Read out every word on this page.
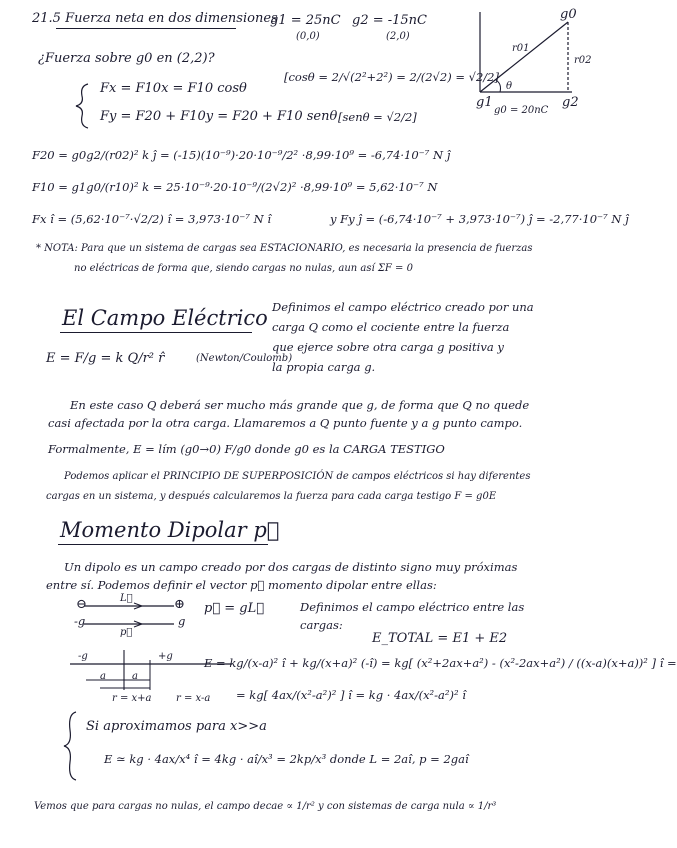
21.5 Fuerza neta en dos dimensiones
g1 = 25nC
(0,0)
g2 = -15nC
(2,0)
¿Fuerza sobre g0 en (2,2)?
g0
r01
r02
θ
g1	g2
g0 = 20nC
Fx = F10x = F10 cosθ
Fy = F20 + F10y = F20 + F10 senθ
[cosθ = 2/√(2²+2²) = 2/(2√2) = √2/2]
[senθ = √2/2]
F20 = g0g2/(r02)² k ĵ = (-15)(10⁻⁹)·20·10⁻⁹/2² ·8,99·10⁹ = -6,74·10⁻⁷ N ĵ
F10 = g1g0/(r10)² k = 25·10⁻⁹·20·10⁻⁹/(2√2)² ·8,99·10⁹ = 5,62·10⁻⁷ N
Fx î = (5,62·10⁻⁷·√2/2) î = 3,973·10⁻⁷ N î	y Fy ĵ = (-6,74·10⁻⁷ + 3,973·10⁻⁷) ĵ = -2,77·10⁻⁷ N ĵ
* NOTA: Para que un sistema de cargas sea ESTACIONARIO, es necesaria la presencia de fuerzas
no eléctricas de forma que, siendo cargas no nulas, aun así ΣF = 0
El Campo Eléctrico Definimos el campo eléctrico creado por una
carga Q como el cociente entre la fuerza
que ejerce sobre otra carga g positiva y
la propia carga g.
E = F/g = k Q/r² r̂	(Newton/Coulomb)
En este caso Q deberá ser mucho más grande que g, de forma que Q no quede
casi afectada por la otra carga. Llamaremos a Q punto fuente y a g punto campo.
Formalmente, E = lím (g0→0) F/g0 donde g0 es la CARGA TESTIGO
Podemos aplicar el PRINCIPIO DE SUPERPOSICIÓN de campos eléctricos si hay diferentes
cargas en un sistema, y después calcularemos la fuerza para cada carga testigo F = g0E
Momento Dipolar p⃗
Un dipolo es un campo creado por dos cargas de distinto signo muy próximas
entre sí. Podemos definir el vector p⃗ momento dipolar entre ellas:
⊖	⊕
L⃗
p⃗
-g	g
p⃗ = gL⃗	Definimos el campo eléctrico entre las
cargas:
E_TOTAL = E1 + E2
-g	+g
a	a
r = x+a r = x-a
E = kg/(x-a)² î + kg/(x+a)² (-î) = kg[ (x²+2ax+a²) - (x²-2ax+a²) / ((x-a)(x+a))² ] î =
= kg[ 4ax/(x²-a²)² ] î = kg · 4ax/(x²-a²)² î
Si aproximamos para x>>a
E ≃ kg · 4ax/x⁴ î = 4kg · aî/x³ = 2kp/x³ donde L = 2aî, p = 2gaî
Vemos que para cargas no nulas, el campo decae ∝ 1/r² y con sistemas de carga nula ∝ 1/r³
